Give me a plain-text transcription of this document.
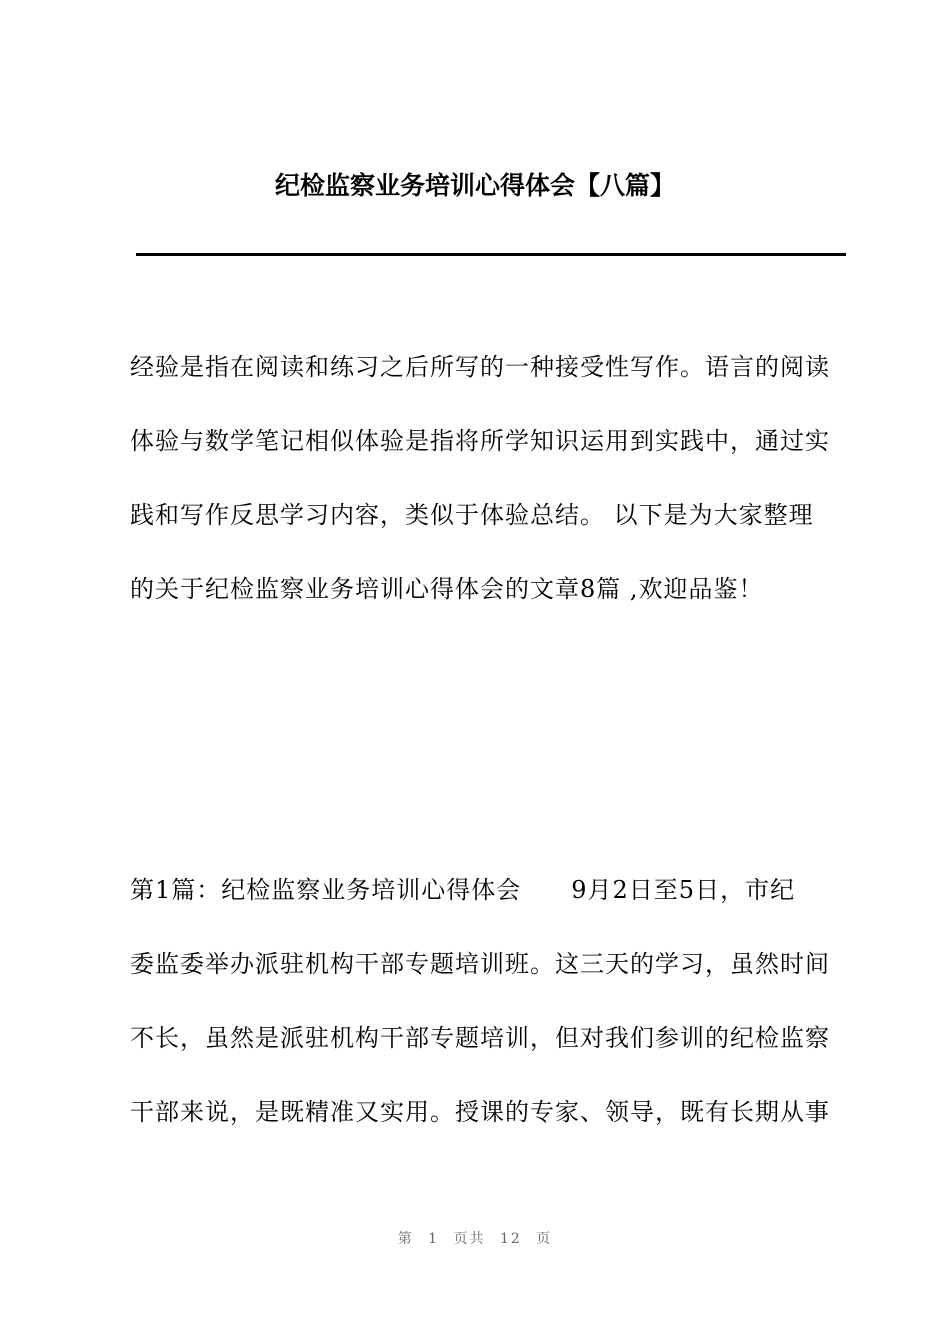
纪检监察业务培训心得体会【八篇】
经验是指在阅读和练习之后所写的一种接受性写作。语言的阅读
体验与数学笔记相似体验是指将所学知识运用到实践中，通过实
践和写作反思学习内容，类似于体验总结。 以下是为大家整理
的关于纪检监察业务培训心得体会的文章8篇 ,欢迎品鉴！
第1篇：纪检监察业务培训心得体会　　9月2日至5日，市纪
委监委举办派驻机构干部专题培训班。这三天的学习，虽然时间
不长，虽然是派驻机构干部专题培训，但对我们参训的纪检监察
干部来说，是既精准又实用。授课的专家、领导，既有长期从事
第 1 页共 12 页
